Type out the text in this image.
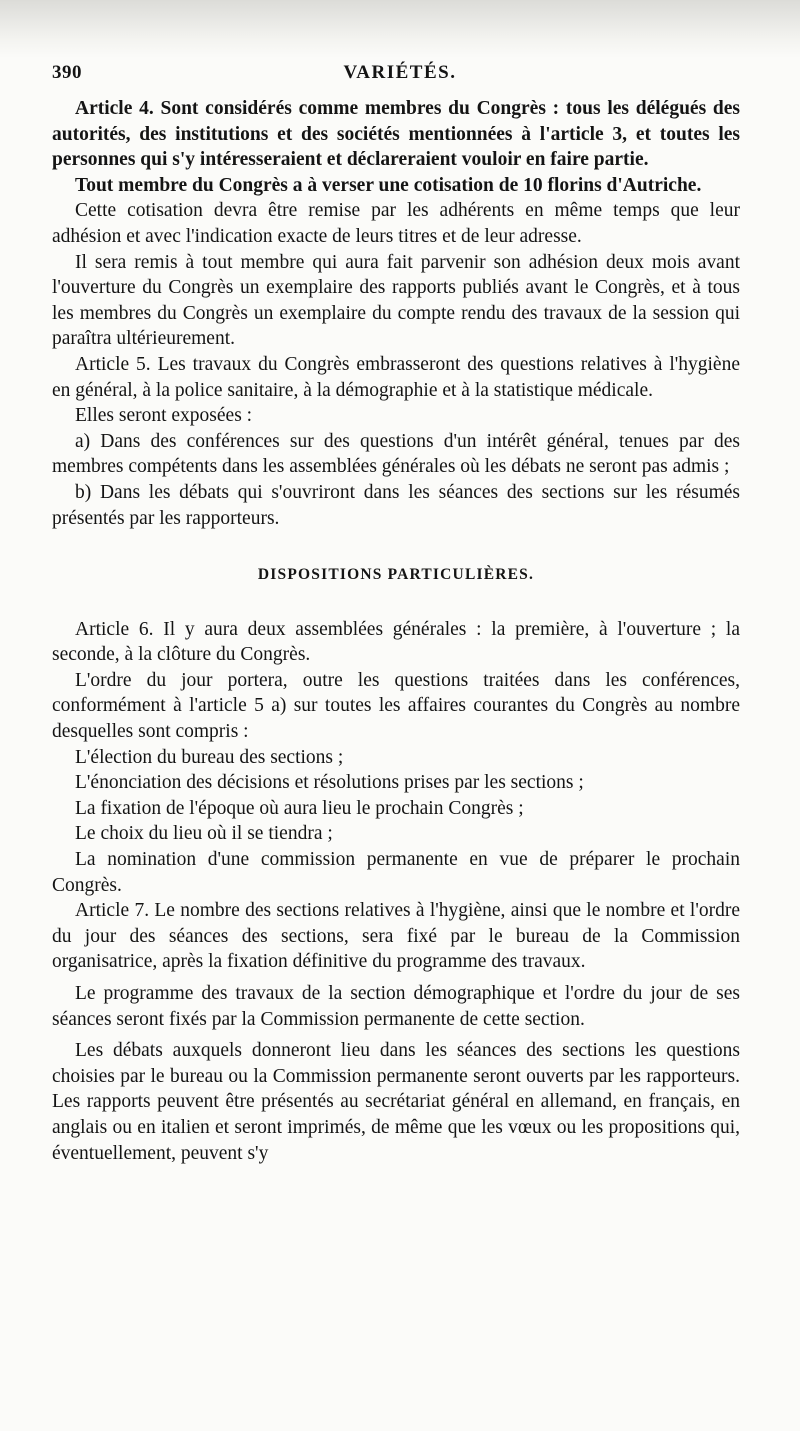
390	VARIÉTÉS.

Article 4. Sont considérés comme membres du Congrès : tous les délégués des autorités, des institutions et des sociétés mentionnées à l'article 3, et toutes les personnes qui s'y intéresseraient et déclareraient vouloir en faire partie.

Tout membre du Congrès a à verser une cotisation de 10 florins d'Autriche.

Cette cotisation devra être remise par les adhérents en même temps que leur adhésion et avec l'indication exacte de leurs titres et de leur adresse.

Il sera remis à tout membre qui aura fait parvenir son adhésion deux mois avant l'ouverture du Congrès un exemplaire des rapports publiés avant le Congrès, et à tous les membres du Congrès un exemplaire du compte rendu des travaux de la session qui paraîtra ultérieurement.

Article 5. Les travaux du Congrès embrasseront des questions relatives à l'hygiène en général, à la police sanitaire, à la démographie et à la statistique médicale.

Elles seront exposées :

a) Dans des conférences sur des questions d'un intérêt général, tenues par des membres compétents dans les assemblées générales où les débats ne seront pas admis ;

b) Dans les débats qui s'ouvriront dans les séances des sections sur les résumés présentés par les rapporteurs.

DISPOSITIONS PARTICULIÈRES.

Article 6. Il y aura deux assemblées générales : la première, à l'ouverture ; la seconde, à la clôture du Congrès.

L'ordre du jour portera, outre les questions traitées dans les conférences, conformément à l'article 5 a) sur toutes les affaires courantes du Congrès au nombre desquelles sont compris :

L'élection du bureau des sections ;

L'énonciation des décisions et résolutions prises par les sections ;

La fixation de l'époque où aura lieu le prochain Congrès ;

Le choix du lieu où il se tiendra ;

La nomination d'une commission permanente en vue de préparer le prochain Congrès.

Article 7. Le nombre des sections relatives à l'hygiène, ainsi que le nombre et l'ordre du jour des séances des sections, sera fixé par le bureau de la Commission organisatrice, après la fixation définitive du programme des travaux.

Le programme des travaux de la section démographique et l'ordre du jour de ses séances seront fixés par la Commission permanente de cette section.

Les débats auxquels donneront lieu dans les séances des sections les questions choisies par le bureau ou la Commission permanente seront ouverts par les rapporteurs. Les rapports peuvent être présentés au secrétariat général en allemand, en français, en anglais ou en italien et seront imprimés, de même que les vœux ou les propositions qui, éventuellement, peuvent s'y
